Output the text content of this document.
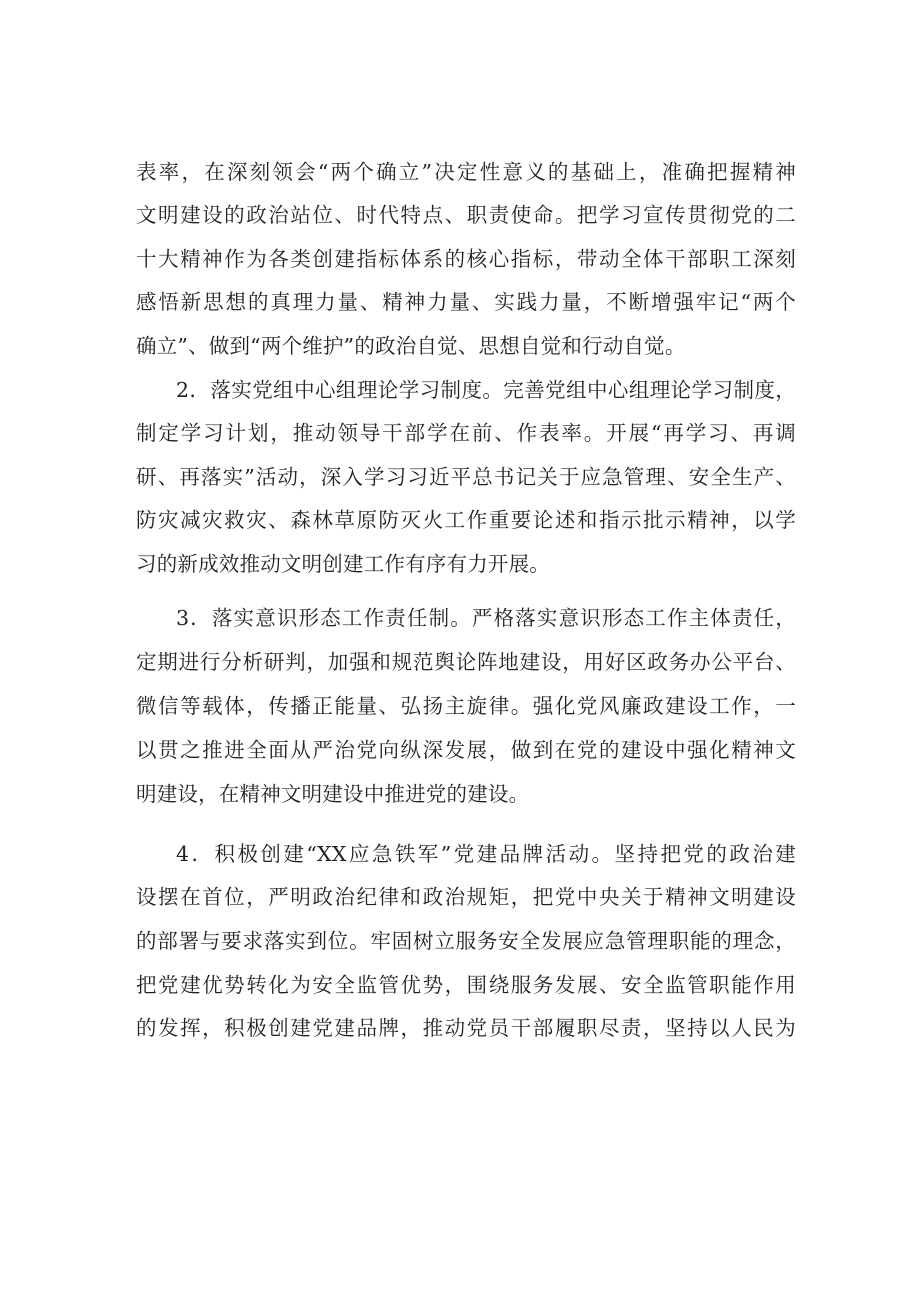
表率，在深刻领会“两个确立”决定性意义的基础上，准确把握精神
文明建设的政治站位、时代特点、职责使命。把学习宣传贯彻党的二
十大精神作为各类创建指标体系的核心指标，带动全体干部职工深刻
感悟新思想的真理力量、精神力量、实践力量，不断增强牢记“两个
确立”、做到“两个维护”的政治自觉、思想自觉和行动自觉。
2．落实党组中心组理论学习制度。完善党组中心组理论学习制度，
制定学习计划，推动领导干部学在前、作表率。开展“再学习、再调
研、再落实”活动，深入学习习近平总书记关于应急管理、安全生产、
防灾减灾救灾、森林草原防灭火工作重要论述和指示批示精神，以学
习的新成效推动文明创建工作有序有力开展。
3．落实意识形态工作责任制。严格落实意识形态工作主体责任，
定期进行分析研判，加强和规范舆论阵地建设，用好区政务办公平台、
微信等载体，传播正能量、弘扬主旋律。强化党风廉政建设工作，一
以贯之推进全面从严治党向纵深发展，做到在党的建设中强化精神文
明建设，在精神文明建设中推进党的建设。
4．积极创建“XX应急铁军”党建品牌活动。坚持把党的政治建
设摆在首位，严明政治纪律和政治规矩，把党中央关于精神文明建设
的部署与要求落实到位。牢固树立服务安全发展应急管理职能的理念，
把党建优势转化为安全监管优势，围绕服务发展、安全监管职能作用
的发挥，积极创建党建品牌，推动党员干部履职尽责，坚持以人民为
